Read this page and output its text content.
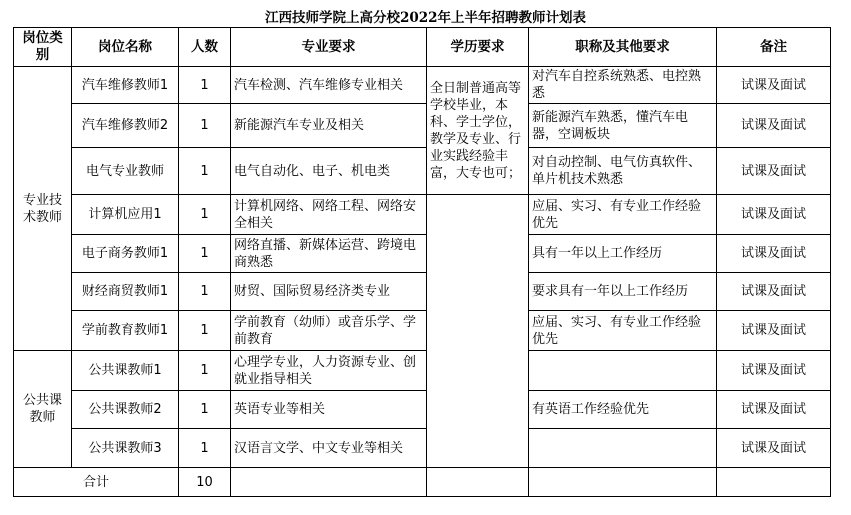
江西技师学院上高分校2022年上半年招聘教师计划表
岗位类别	岗位名称	人数	专业要求	学历要求	职称及其他要求	备注
专业技术教师	汽车维修教师1	1	汽车检测、汽车维修专业相关	全日制普通高等学校毕业，本科、学士学位，教学及专业、行业实践经验丰富，大专也可；	对汽车自控系统熟悉、电控熟悉	试课及面试
	汽车维修教师2	1	新能源汽车专业及相关		新能源汽车熟悉，懂汽车电器，空调板块	试课及面试
	电气专业教师	1	电气自动化、电子、机电类		对自动控制、电气仿真软件、单片机技术熟悉	试课及面试
	计算机应用1	1	计算机网络、网络工程、网络安全相关		应届、实习、有专业工作经验优先	试课及面试
	电子商务教师1	1	网络直播、新媒体运营、跨境电商熟悉		具有一年以上工作经历	试课及面试
	财经商贸教师1	1	财贸、国际贸易经济类专业		要求具有一年以上工作经历	试课及面试
	学前教育教师1	1	学前教育（幼师）或音乐学、学前教育		应届、实习、有专业工作经验优先	试课及面试
公共课教师	公共课教师1	1	心理学专业，人力资源专业、创就业指导相关			试课及面试
	公共课教师2	1	英语专业等相关		有英语工作经验优先	试课及面试
	公共课教师3	1	汉语言文学、中文专业等相关			试课及面试
合计		10				
